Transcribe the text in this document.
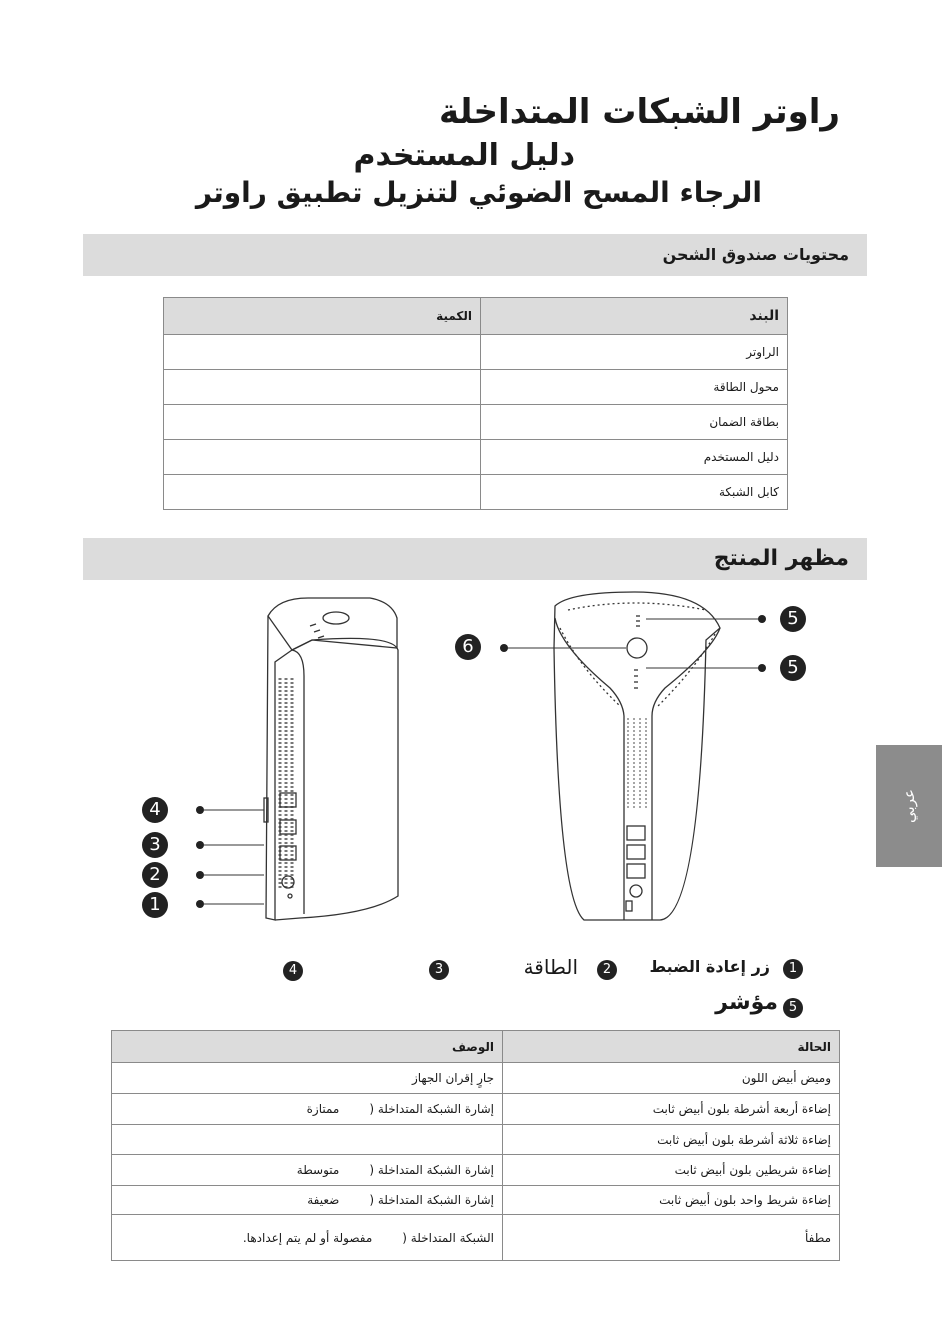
راوتر الشبكات المتداخلة
دليل المستخدم
الرجاء المسح الضوئي لتنزيل تطبيق راوتر
محتويات صندوق الشحن
البند	الكمية
الراوتر	
محول الطاقة	
بطاقة الضمان	
دليل المستخدم	
كابل الشبكة	
مظهر المنتج
5
6
5
4
3
2
1
عربي
1
زر إعادة الضبط
2
الطاقة
3
4
5
مؤشر
الحالة	الوصف
وميض أبيض اللون	جارٍ إقران الجهاز
إضاءة أربعة أشرطة بلون أبيض ثابت	إشارة الشبكة المتداخلة (ممتازة
إضاءة ثلاثة أشرطة بلون أبيض ثابت	
إضاءة شريطين بلون أبيض ثابت	إشارة الشبكة المتداخلة (متوسطة
إضاءة شريط واحد بلون أبيض ثابت	إشارة الشبكة المتداخلة (ضعيفة
مطفأ	الشبكة المتداخلة (مفصولة أو لم يتم إعدادها.
